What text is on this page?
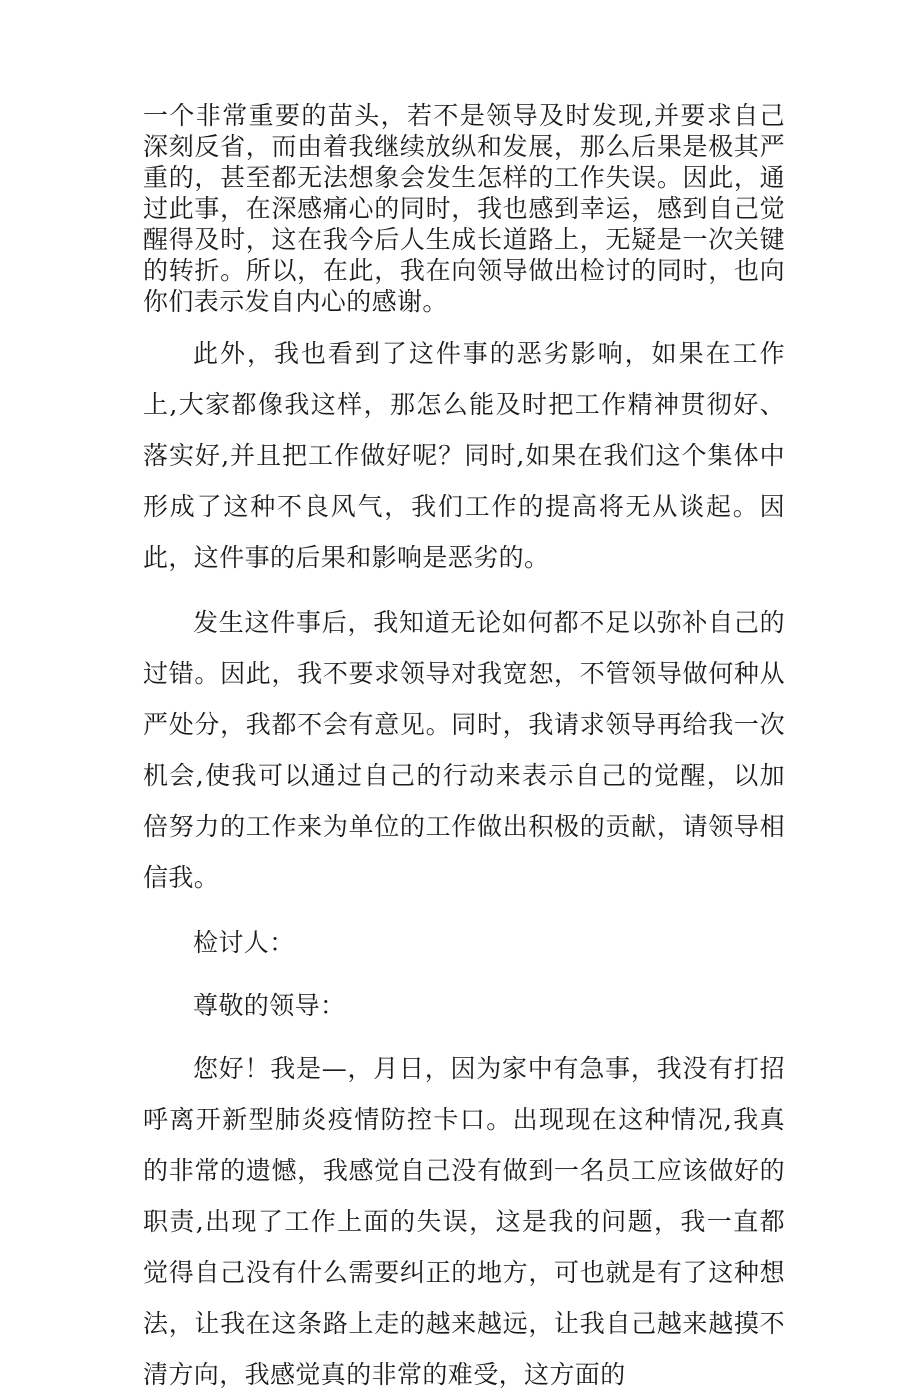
一个非常重要的苗头，若不是领导及时发现,并要求自己深刻反省，而由着我继续放纵和发展，那么后果是极其严重的，甚至都无法想象会发生怎样的工作失误。因此，通过此事，在深感痛心的同时，我也感到幸运，感到自己觉醒得及时，这在我今后人生成长道路上，无疑是一次关键的转折。所以，在此，我在向领导做出检讨的同时，也向你们表示发自内心的感谢。

此外，我也看到了这件事的恶劣影响，如果在工作上,大家都像我这样，那怎么能及时把工作精神贯彻好、落实好,并且把工作做好呢？同时,如果在我们这个集体中形成了这种不良风气，我们工作的提高将无从谈起。因此，这件事的后果和影响是恶劣的。

发生这件事后，我知道无论如何都不足以弥补自己的过错。因此，我不要求领导对我宽恕，不管领导做何种从严处分，我都不会有意见。同时，我请求领导再给我一次机会,使我可以通过自己的行动来表示自己的觉醒，以加倍努力的工作来为单位的工作做出积极的贡献，请领导相信我。

检讨人：

尊敬的领导：

您好！我是—，月日，因为家中有急事，我没有打招呼离开新型肺炎疫情防控卡口。出现现在这种情况,我真的非常的遗憾，我感觉自己没有做到一名员工应该做好的职责,出现了工作上面的失误，这是我的问题，我一直都觉得自己没有什么需要纠正的地方，可也就是有了这种想法，让我在这条路上走的越来越远，让我自己越来越摸不清方向，我感觉真的非常的难受，这方面的
